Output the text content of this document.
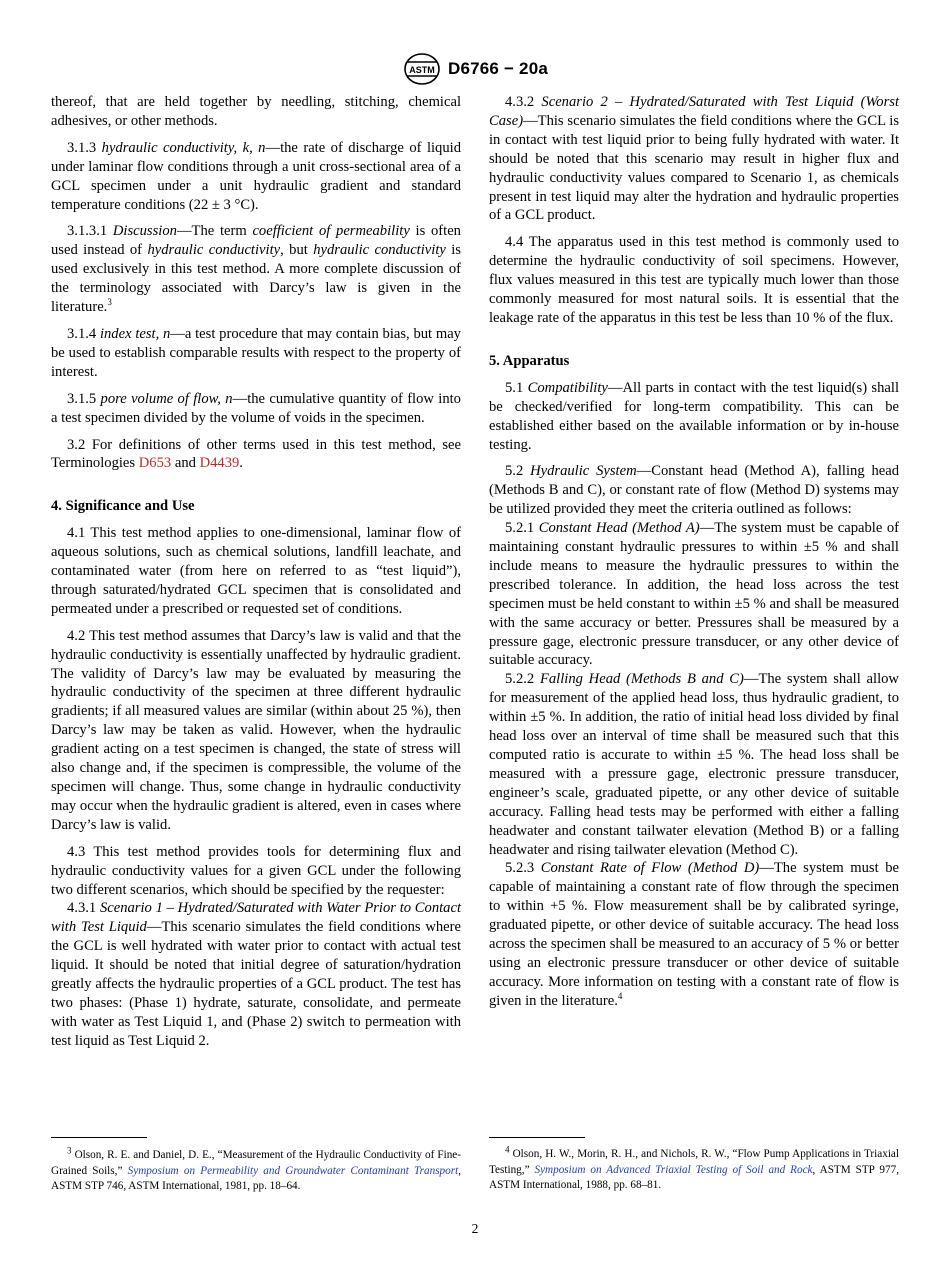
ASTM D6766 − 20a

thereof, that are held together by needling, stitching, chemical adhesives, or other methods.

3.1.3 hydraulic conductivity, k, n—the rate of discharge of liquid under laminar flow conditions through a unit cross-sectional area of a GCL specimen under a unit hydraulic gradient and standard temperature conditions (22 ± 3 °C).

3.1.3.1 Discussion—The term coefficient of permeability is often used instead of hydraulic conductivity, but hydraulic conductivity is used exclusively in this test method. A more complete discussion of the terminology associated with Darcy’s law is given in the literature.$^3$

3.1.4 index test, n—a test procedure that may contain bias, but may be used to establish comparable results with respect to the property of interest.

3.1.5 pore volume of flow, n—the cumulative quantity of flow into a test specimen divided by the volume of voids in the specimen.

3.2 For definitions of other terms used in this test method, see Terminologies D653 and D4439.

4. Significance and Use

4.1 This test method applies to one-dimensional, laminar flow of aqueous solutions, such as chemical solutions, landfill leachate, and contaminated water (from here on referred to as “test liquid”), through saturated/hydrated GCL specimen that is consolidated and permeated under a prescribed or requested set of conditions.

4.2 This test method assumes that Darcy’s law is valid and that the hydraulic conductivity is essentially unaffected by hydraulic gradient. The validity of Darcy’s law may be evaluated by measuring the hydraulic conductivity of the specimen at three different hydraulic gradients; if all measured values are similar (within about 25 %), then Darcy’s law may be taken as valid. However, when the hydraulic gradient acting on a test specimen is changed, the state of stress will also change and, if the specimen is compressible, the volume of the specimen will change. Thus, some change in hydraulic conductivity may occur when the hydraulic gradient is altered, even in cases where Darcy’s law is valid.

4.3 This test method provides tools for determining flux and hydraulic conductivity values for a given GCL under the following two different scenarios, which should be specified by the requester:

4.3.1 Scenario 1 – Hydrated/Saturated with Water Prior to Contact with Test Liquid—This scenario simulates the field conditions where the GCL is well hydrated with water prior to contact with actual test liquid. It should be noted that initial degree of saturation/hydration greatly affects the hydraulic properties of a GCL product. The test has two phases: (Phase 1) hydrate, saturate, consolidate, and permeate with water as Test Liquid 1, and (Phase 2) switch to permeation with test liquid as Test Liquid 2.

4.3.2 Scenario 2 – Hydrated/Saturated with Test Liquid (Worst Case)—This scenario simulates the field conditions where the GCL is in contact with test liquid prior to being fully hydrated with water. It should be noted that this scenario may result in higher flux and hydraulic conductivity values compared to Scenario 1, as chemicals present in test liquid may alter the hydration and hydraulic properties of a GCL product.

4.4 The apparatus used in this test method is commonly used to determine the hydraulic conductivity of soil specimens. However, flux values measured in this test are typically much lower than those commonly measured for most natural soils. It is essential that the leakage rate of the apparatus in this test be less than 10 % of the flux.

5. Apparatus

5.1 Compatibility—All parts in contact with the test liquid(s) shall be checked/verified for long-term compatibility. This can be established either based on the available information or by in-house testing.

5.2 Hydraulic System—Constant head (Method A), falling head (Methods B and C), or constant rate of flow (Method D) systems may be utilized provided they meet the criteria outlined as follows:

5.2.1 Constant Head (Method A)—The system must be capable of maintaining constant hydraulic pressures to within ±5 % and shall include means to measure the hydraulic pressures to within the prescribed tolerance. In addition, the head loss across the test specimen must be held constant to within ±5 % and shall be measured with the same accuracy or better. Pressures shall be measured by a pressure gage, electronic pressure transducer, or any other device of suitable accuracy.

5.2.2 Falling Head (Methods B and C)—The system shall allow for measurement of the applied head loss, thus hydraulic gradient, to within ±5 %. In addition, the ratio of initial head loss divided by final head loss over an interval of time shall be measured such that this computed ratio is accurate to within ±5 %. The head loss shall be measured with a pressure gage, electronic pressure transducer, engineer’s scale, graduated pipette, or any other device of suitable accuracy. Falling head tests may be performed with either a falling headwater and constant tailwater elevation (Method B) or a falling headwater and rising tailwater elevation (Method C).

5.2.3 Constant Rate of Flow (Method D)—The system must be capable of maintaining a constant rate of flow through the specimen to within +5 %. Flow measurement shall be by calibrated syringe, graduated pipette, or other device of suitable accuracy. The head loss across the specimen shall be measured to an accuracy of 5 % or better using an electronic pressure transducer or other device of suitable accuracy. More information on testing with a constant rate of flow is given in the literature.$^4$

$^3$ Olson, R. E. and Daniel, D. E., “Measurement of the Hydraulic Conductivity of Fine-Grained Soils,” Symposium on Permeability and Groundwater Contaminant Transport, ASTM STP 746, ASTM International, 1981, pp. 18–64.

$^4$ Olson, H. W., Morin, R. H., and Nichols, R. W., “Flow Pump Applications in Triaxial Testing,” Symposium on Advanced Triaxial Testing of Soil and Rock, ASTM STP 977, ASTM International, 1988, pp. 68–81.

2
